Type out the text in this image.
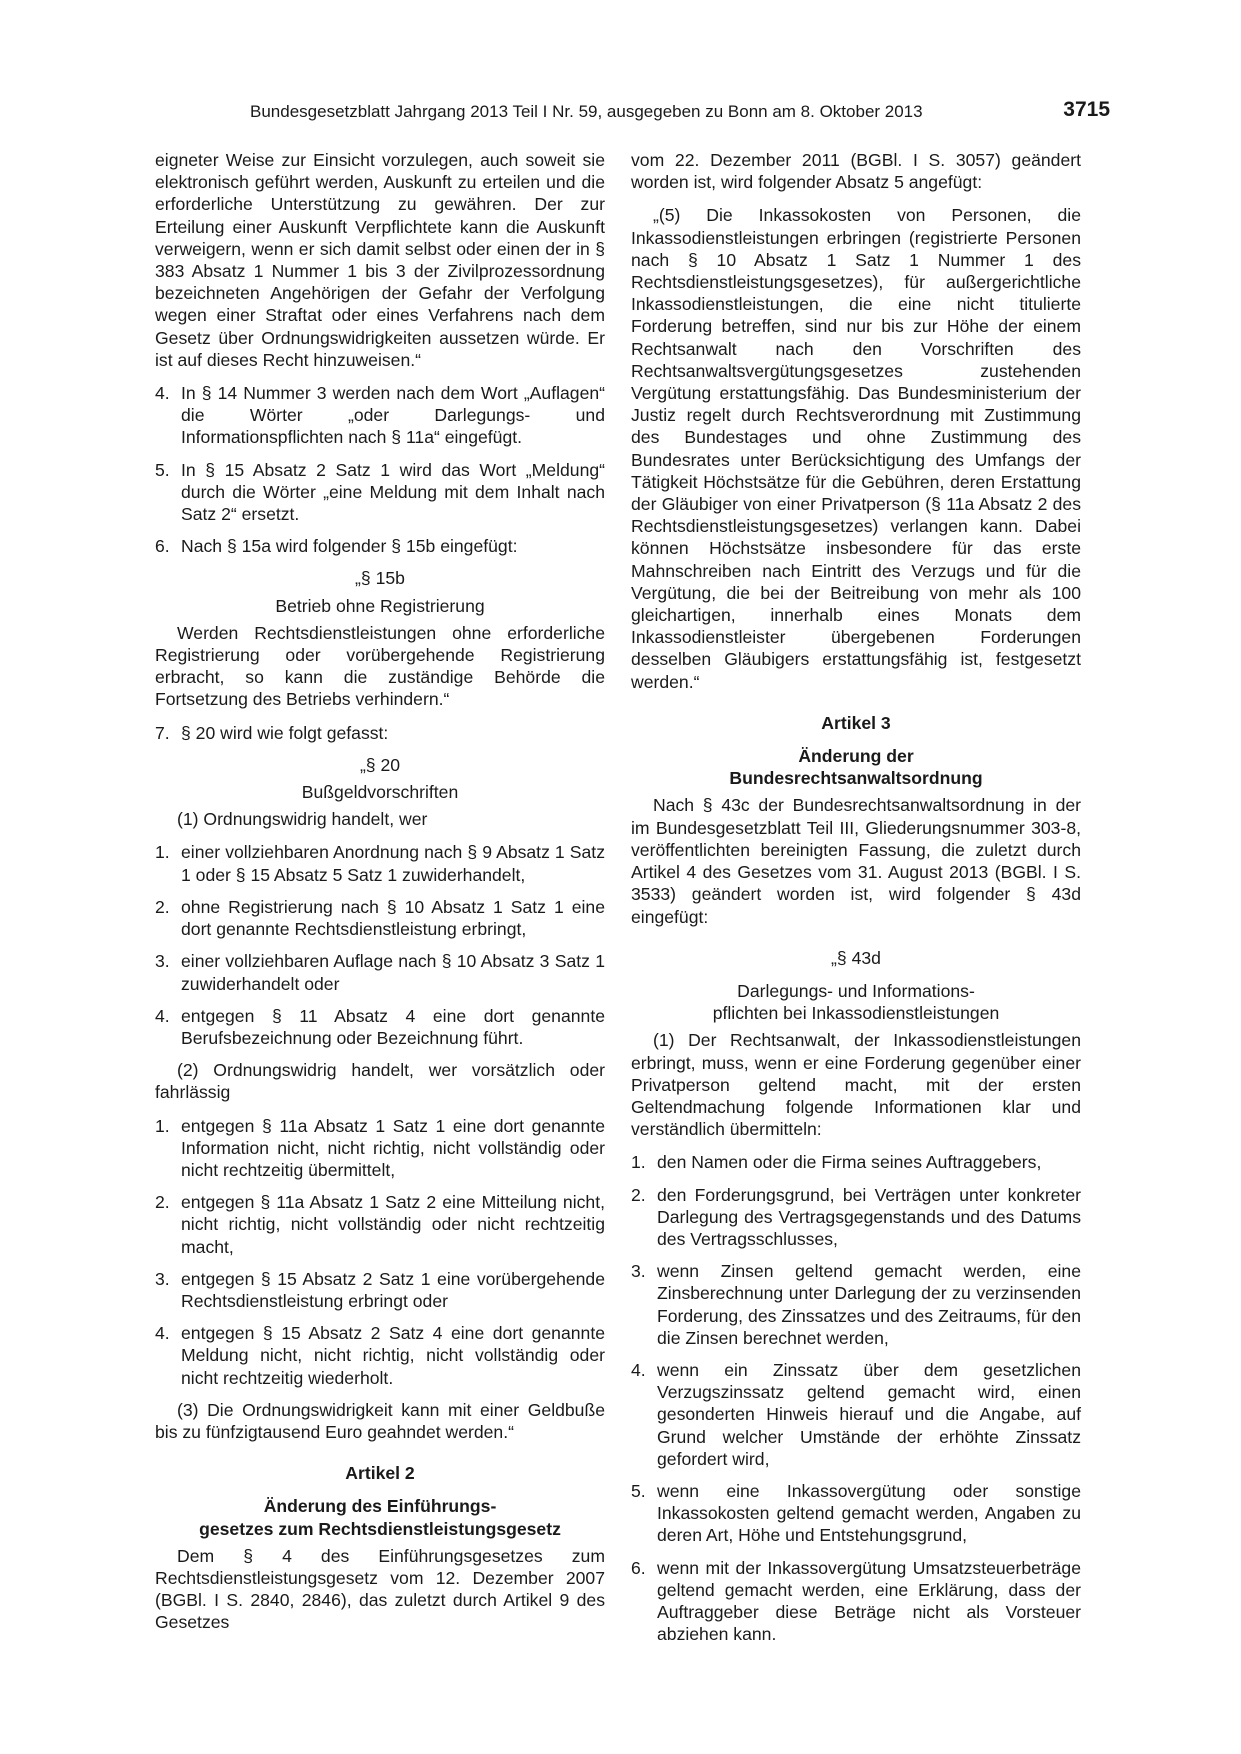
Bundesgesetzblatt Jahrgang 2013 Teil I Nr. 59, ausgegeben zu Bonn am 8. Oktober 2013	3715

eigneter Weise zur Einsicht vorzulegen, auch soweit sie elektronisch geführt werden, Auskunft zu erteilen und die erforderliche Unterstützung zu gewähren. Der zur Erteilung einer Auskunft Verpflichtete kann die Auskunft verweigern, wenn er sich damit selbst oder einen der in § 383 Absatz 1 Nummer 1 bis 3 der Zivilprozessordnung bezeichneten Angehörigen der Gefahr der Verfolgung wegen einer Straftat oder eines Verfahrens nach dem Gesetz über Ordnungswidrigkeiten aussetzen würde. Er ist auf dieses Recht hinzuweisen.“

4. In § 14 Nummer 3 werden nach dem Wort „Auflagen“ die Wörter „oder Darlegungs- und Informationspflichten nach § 11a“ eingefügt.
5. In § 15 Absatz 2 Satz 1 wird das Wort „Meldung“ durch die Wörter „eine Meldung mit dem Inhalt nach Satz 2“ ersetzt.
6. Nach § 15a wird folgender § 15b eingefügt:

„§ 15b

Betrieb ohne Registrierung

Werden Rechtsdienstleistungen ohne erforderliche Registrierung oder vorübergehende Registrierung erbracht, so kann die zuständige Behörde die Fortsetzung des Betriebs verhindern.“

7. § 20 wird wie folgt gefasst:

„§ 20

Bußgeldvorschriften

(1) Ordnungswidrig handelt, wer

1. einer vollziehbaren Anordnung nach § 9 Absatz 1 Satz 1 oder § 15 Absatz 5 Satz 1 zuwiderhandelt,
2. ohne Registrierung nach § 10 Absatz 1 Satz 1 eine dort genannte Rechtsdienstleistung erbringt,
3. einer vollziehbaren Auflage nach § 10 Absatz 3 Satz 1 zuwiderhandelt oder
4. entgegen § 11 Absatz 4 eine dort genannte Berufsbezeichnung oder Bezeichnung führt.

(2) Ordnungswidrig handelt, wer vorsätzlich oder fahrlässig

1. entgegen § 11a Absatz 1 Satz 1 eine dort genannte Information nicht, nicht richtig, nicht vollständig oder nicht rechtzeitig übermittelt,
2. entgegen § 11a Absatz 1 Satz 2 eine Mitteilung nicht, nicht richtig, nicht vollständig oder nicht rechtzeitig macht,
3. entgegen § 15 Absatz 2 Satz 1 eine vorübergehende Rechtsdienstleistung erbringt oder
4. entgegen § 15 Absatz 2 Satz 4 eine dort genannte Meldung nicht, nicht richtig, nicht vollständig oder nicht rechtzeitig wiederholt.

(3) Die Ordnungswidrigkeit kann mit einer Geldbuße bis zu fünfzigtausend Euro geahndet werden.“

Artikel 2

Änderung des Einführungs-

gesetzes zum Rechtsdienstleistungsgesetz

Dem § 4 des Einführungsgesetzes zum Rechtsdienstleistungsgesetz vom 12. Dezember 2007 (BGBl. I S. 2840, 2846), das zuletzt durch Artikel 9 des Gesetzes

vom 22. Dezember 2011 (BGBl. I S. 3057) geändert worden ist, wird folgender Absatz 5 angefügt:

„(5) Die Inkassokosten von Personen, die Inkassodienstleistungen erbringen (registrierte Personen nach § 10 Absatz 1 Satz 1 Nummer 1 des Rechtsdienstleistungsgesetzes), für außergerichtliche Inkassodienstleistungen, die eine nicht titulierte Forderung betreffen, sind nur bis zur Höhe der einem Rechtsanwalt nach den Vorschriften des Rechtsanwaltsvergütungsgesetzes zustehenden Vergütung erstattungsfähig. Das Bundesministerium der Justiz regelt durch Rechtsverordnung mit Zustimmung des Bundestages und ohne Zustimmung des Bundesrates unter Berücksichtigung des Umfangs der Tätigkeit Höchstsätze für die Gebühren, deren Erstattung der Gläubiger von einer Privatperson (§ 11a Absatz 2 des Rechtsdienstleistungsgesetzes) verlangen kann. Dabei können Höchstsätze insbesondere für das erste Mahnschreiben nach Eintritt des Verzugs und für die Vergütung, die bei der Beitreibung von mehr als 100 gleichartigen, innerhalb eines Monats dem Inkassodienstleister übergebenen Forderungen desselben Gläubigers erstattungsfähig ist, festgesetzt werden.“

Artikel 3

Änderung der

Bundesrechtsanwaltsordnung

Nach § 43c der Bundesrechtsanwaltsordnung in der im Bundesgesetzblatt Teil III, Gliederungsnummer 303-8, veröffentlichten bereinigten Fassung, die zuletzt durch Artikel 4 des Gesetzes vom 31. August 2013 (BGBl. I S. 3533) geändert worden ist, wird folgender § 43d eingefügt:

„§ 43d

Darlegungs- und Informations-

pflichten bei Inkassodienstleistungen

(1) Der Rechtsanwalt, der Inkassodienstleistungen erbringt, muss, wenn er eine Forderung gegenüber einer Privatperson geltend macht, mit der ersten Geltendmachung folgende Informationen klar und verständlich übermitteln:

1. den Namen oder die Firma seines Auftraggebers,
2. den Forderungsgrund, bei Verträgen unter konkreter Darlegung des Vertragsgegenstands und des Datums des Vertragsschlusses,
3. wenn Zinsen geltend gemacht werden, eine Zinsberechnung unter Darlegung der zu verzinsenden Forderung, des Zinssatzes und des Zeitraums, für den die Zinsen berechnet werden,
4. wenn ein Zinssatz über dem gesetzlichen Verzugszinssatz geltend gemacht wird, einen gesonderten Hinweis hierauf und die Angabe, auf Grund welcher Umstände der erhöhte Zinssatz gefordert wird,
5. wenn eine Inkassovergütung oder sonstige Inkassokosten geltend gemacht werden, Angaben zu deren Art, Höhe und Entstehungsgrund,
6. wenn mit der Inkassovergütung Umsatzsteuerbeträge geltend gemacht werden, eine Erklärung, dass der Auftraggeber diese Beträge nicht als Vorsteuer abziehen kann.
